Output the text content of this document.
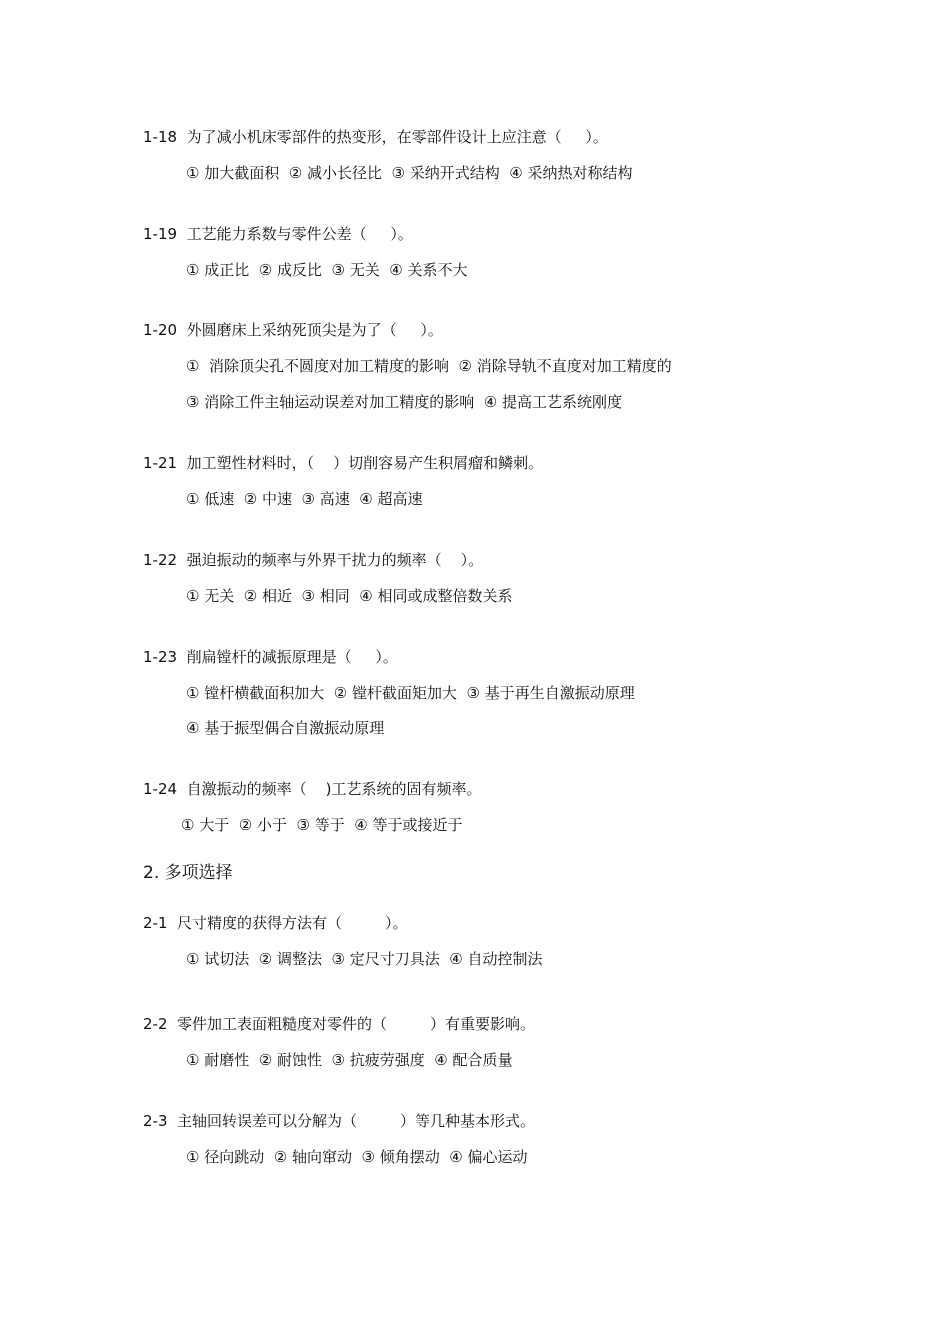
1-18  为了减小机床零部件的热变形，在零部件设计上应注意（     ）。
① 加大截面积  ② 减小长径比  ③ 采纳开式结构  ④ 采纳热对称结构
1-19  工艺能力系数与零件公差（     ）。
① 成正比  ② 成反比  ③ 无关  ④ 关系不大
1-20  外圆磨床上采纳死顶尖是为了（     ）。
①  消除顶尖孔不圆度对加工精度的影响  ② 消除导轨不直度对加工精度的
③ 消除工件主轴运动误差对加工精度的影响  ④ 提高工艺系统刚度
1-21  加工塑性材料时，（    ）切削容易产生积屑瘤和鳞刺。
① 低速  ② 中速  ③ 高速  ④ 超高速
1-22  强迫振动的频率与外界干扰力的频率（    ）。
① 无关  ② 相近  ③ 相同  ④ 相同或成整倍数关系
1-23  削扁镗杆的减振原理是（     ）。
① 镗杆横截面积加大  ② 镗杆截面矩加大  ③ 基于再生自激振动原理
④ 基于振型偶合自激振动原理
1-24  自激振动的频率（    )工艺系统的固有频率。
① 大于  ② 小于  ③ 等于  ④ 等于或接近于
2. 多项选择
2-1  尺寸精度的获得方法有（         ）。
① 试切法  ② 调整法  ③ 定尺寸刀具法  ④ 自动控制法
2-2  零件加工表面粗糙度对零件的（         ）有重要影响。
① 耐磨性  ② 耐蚀性  ③ 抗疲劳强度  ④ 配合质量
2-3  主轴回转误差可以分解为（         ）等几种基本形式。
① 径向跳动  ② 轴向窜动  ③ 倾角摆动  ④ 偏心运动
